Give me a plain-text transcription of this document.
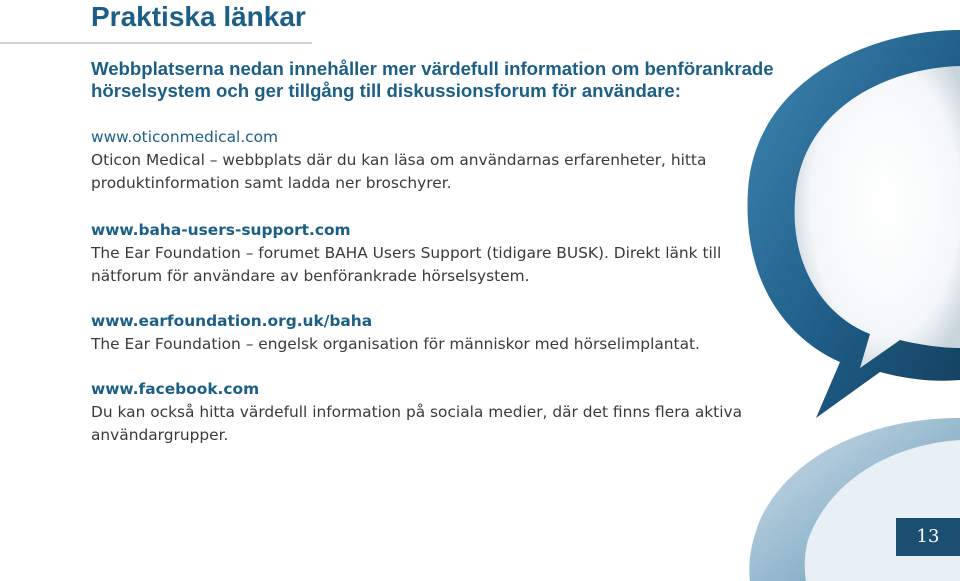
Praktiska länkar

Webbplatserna nedan innehåller mer värdefull information om benförankrade hörselsystem och ger tillgång till diskussionsforum för användare:

www.oticonmedical.com
Oticon Medical – webbplats där du kan läsa om användarnas erfarenheter, hitta produktinformation samt ladda ner broschyrer.
www.baha-users-support.com
The Ear Foundation – forumet BAHA Users Support (tidigare BUSK). Direkt länk till nätforum för användare av benförankrade hörselsystem.
www.earfoundation.org.uk/baha
The Ear Foundation – engelsk organisation för människor med hörselimplantat.
www.facebook.com
Du kan också hitta värdefull information på sociala medier, där det finns flera aktiva användargrupper.
13
